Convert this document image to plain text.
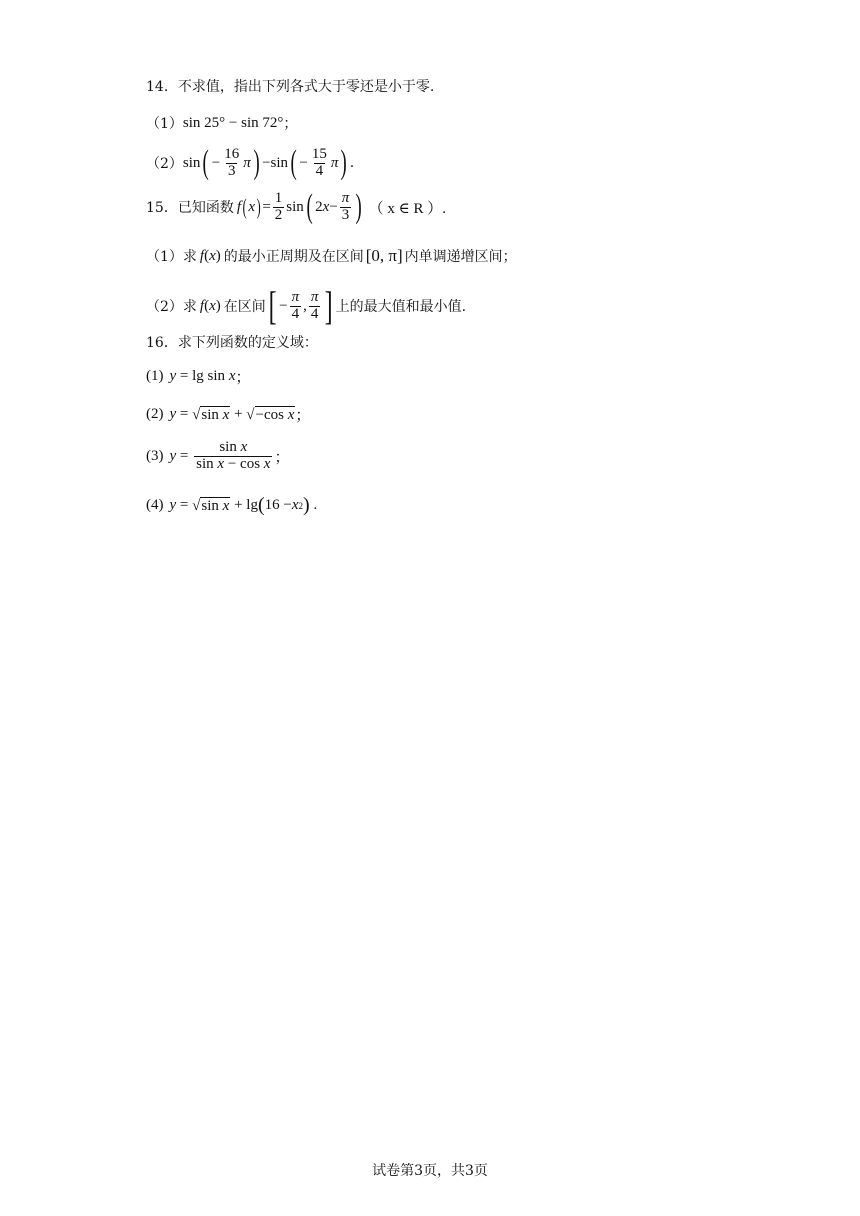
14．不求值，指出下列各式大于零还是小于零.
（1） sin 25° − sin 72° ；
（2） sin ( − $\frac{16}{3}$ π ) −sin ( − $\frac{15}{4}$ π ) .
15．已知函数 f ( x ) = $\frac{1}{2}$ sin ( 2 $x - \frac{\pi}{3}$ ) （ x ∈ R ）.
（1）求 f(x) 的最小正周期及在区间 [0, π] 内单调递增区间；
（2）求 f(x) 在区间 [ − $\frac{\pi}{4}$ , $\frac{\pi}{4}$ ] 上的最大值和最小值.
16．求下列函数的定义域：
(1) y = lg sin x ；
(2) y = √ sin x + √ −cos x ；
(3) $y = \frac{\text{sin x}}{\text{sin x − cos x}}$ ；
(4) y = √ sin x + lg ( 16 − x 2 ) .
试卷第3页，共3页
